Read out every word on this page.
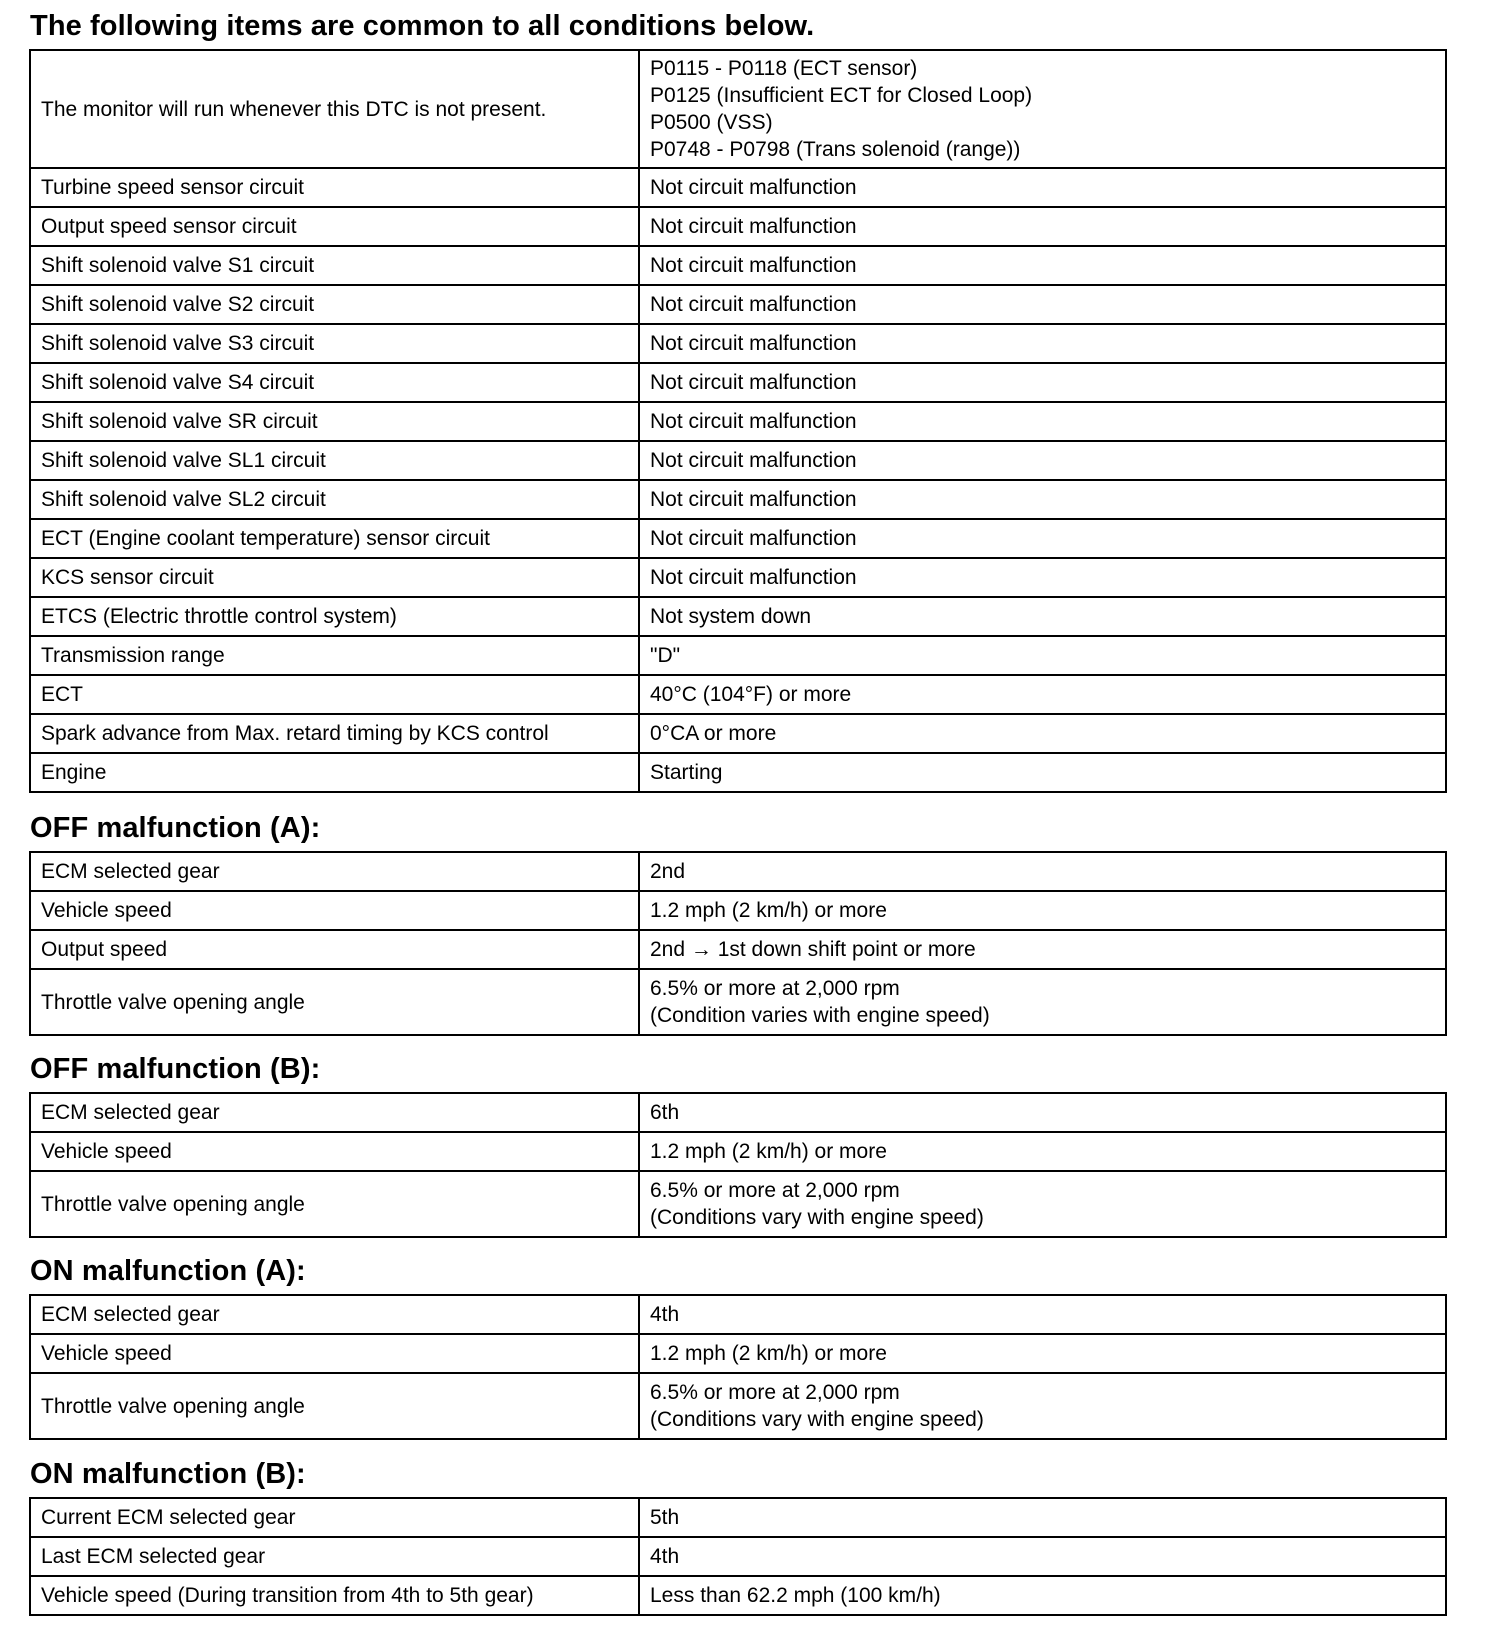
The following items are common to all conditions below.
The monitor will run whenever this DTC is not present.	P0115 - P0118 (ECT sensor)
P0125 (Insufficient ECT for Closed Loop)
P0500 (VSS)
P0748 - P0798 (Trans solenoid (range))

Turbine speed sensor circuit	Not circuit malfunction
Output speed sensor circuit	Not circuit malfunction
Shift solenoid valve S1 circuit	Not circuit malfunction
Shift solenoid valve S2 circuit	Not circuit malfunction
Shift solenoid valve S3 circuit	Not circuit malfunction
Shift solenoid valve S4 circuit	Not circuit malfunction
Shift solenoid valve SR circuit	Not circuit malfunction
Shift solenoid valve SL1 circuit	Not circuit malfunction
Shift solenoid valve SL2 circuit	Not circuit malfunction
ECT (Engine coolant temperature) sensor circuit	Not circuit malfunction
KCS sensor circuit	Not circuit malfunction
ETCS (Electric throttle control system)	Not system down
Transmission range	"D"
ECT	40°C (104°F) or more
Spark advance from Max. retard timing by KCS control	0°CA or more
Engine	Starting
OFF malfunction (A):
ECM selected gear	2nd
Vehicle speed	1.2 mph (2 km/h) or more
Output speed	2nd → 1st down shift point or more
Throttle valve opening angle	6.5% or more at 2,000 rpm
(Condition varies with engine speed)
OFF malfunction (B):
ECM selected gear	6th
Vehicle speed	1.2 mph (2 km/h) or more
Throttle valve opening angle	6.5% or more at 2,000 rpm
(Conditions vary with engine speed)
ON malfunction (A):
ECM selected gear	4th
Vehicle speed	1.2 mph (2 km/h) or more
Throttle valve opening angle	6.5% or more at 2,000 rpm
(Conditions vary with engine speed)
ON malfunction (B):
Current ECM selected gear	5th
Last ECM selected gear	4th
Vehicle speed (During transition from 4th to 5th gear)	Less than 62.2 mph (100 km/h)
